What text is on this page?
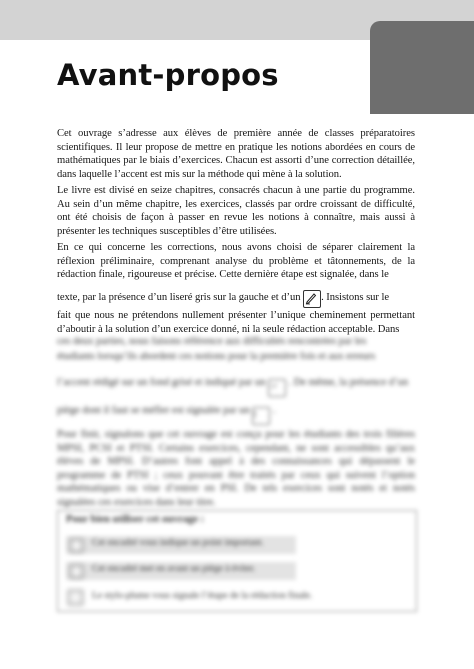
Avant-propos

Cet ouvrage s’adresse aux élèves de première année de classes préparatoires scientifiques. Il leur propose de mettre en pratique les notions abordées en cours de mathématiques par le biais d’exercices. Chacun est assorti d’une correction détaillée, dans laquelle l’accent est mis sur la méthode qui mène à la solution.

Le livre est divisé en seize chapitres, consacrés chacun à une partie du programme. Au sein d’un même chapitre, les exercices, classés par ordre croissant de difficulté, ont été choisis de façon à passer en revue les notions à connaître, mais aussi à présenter les techniques susceptibles d’être utilisées.

En ce qui concerne les corrections, nous avons choisi de séparer clairement la réflexion préliminaire, comprenant analyse du problème et tâtonnements, de la rédaction finale, rigoureuse et précise. Cette dernière étape est signalée, dans le

texte, par la présence d’un liseré gris sur la gauche et d’un . Insistons sur le

fait que nous ne prétendons nullement présenter l’unique cheminement permettant d’aboutir à la solution d’un exercice donné, ni la seule rédaction acceptable. Dans

ces deux parties, nous faisons référence aux difficultés rencontrées par les
étudiants lorsqu’ils abordent ces notions pour la première fois et aux erreurs
l’accent rédigé sur un fond grisé et indiqué par un ☞ . De même, la présence d’un
piège dont il faut se méfier est signalée par un ! .
Pour finir, signalons que cet ouvrage est conçu pour les étudiants des trois filières MPSI, PCSI et PTSI. Certains exercices, cependant, ne sont accessibles qu’aux élèves de MPSI. D’autres font appel à des connaissances qui dépassent le programme de PTSI ; ceux pouvant être traités par ceux qui suivent l’option mathématiques ou vise d’entrer en PSI. De tels exercices sont notés et notés signalées ces exercices dans leur titre.
Pour bien utiliser cet ouvrage :
Cet encadré vous indique un point important.
Cet encadré met en avant un piège à éviter.
Le stylo-plume vous signale l’étape de la rédaction finale.
